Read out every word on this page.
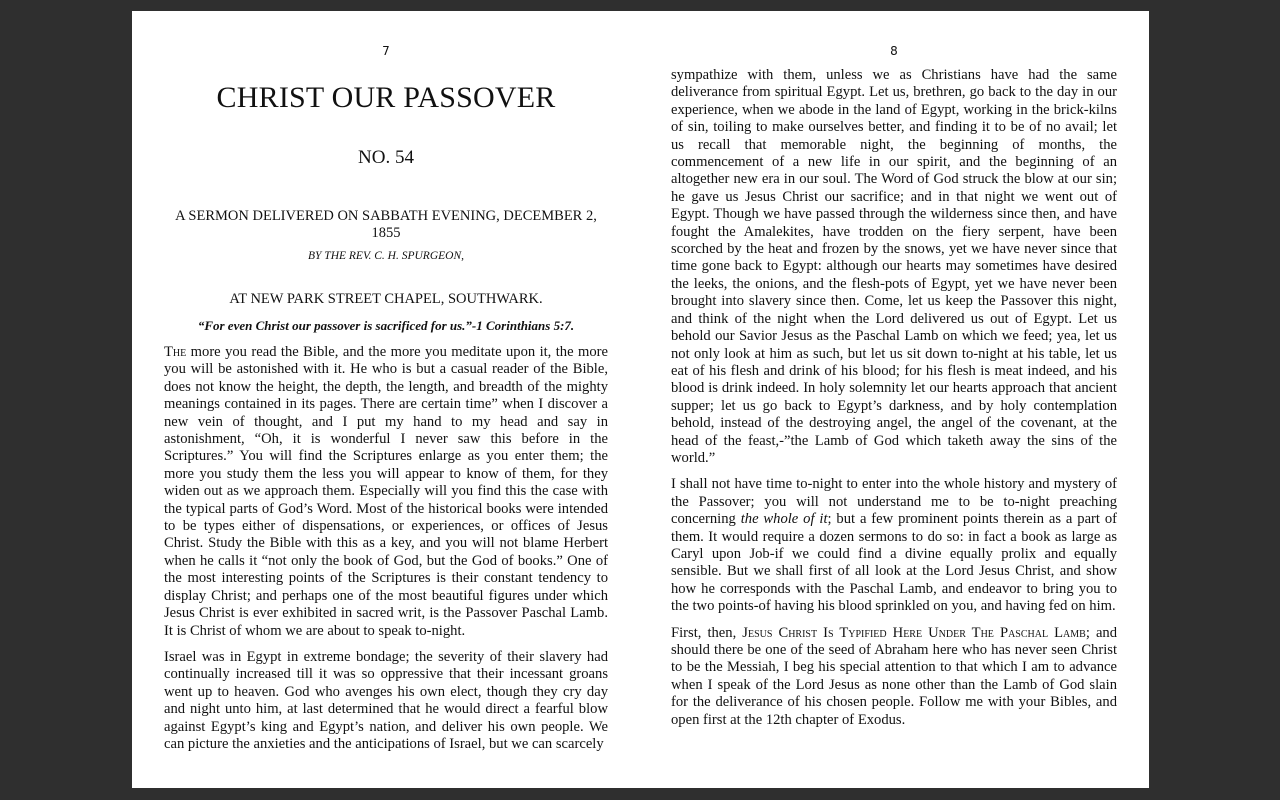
7
CHRIST OUR PASSOVER
NO. 54
A SERMON DELIVERED ON SABBATH EVENING, DECEMBER 2, 1855
BY THE REV. C. H. SPURGEON,
AT NEW PARK STREET CHAPEL, SOUTHWARK.
“For even Christ our passover is sacrificed for us.”-1 Corinthians 5:7.

The more you read the Bible, and the more you meditate upon it, the more you will be astonished with it. He who is but a casual reader of the Bible, does not know the height, the depth, the length, and breadth of the mighty meanings contained in its pages. There are certain time” when I discover a new vein of thought, and I put my hand to my head and say in astonishment, “Oh, it is wonderful I never saw this before in the Scriptures.” You will find the Scriptures enlarge as you enter them; the more you study them the less you will appear to know of them, for they widen out as we approach them. Especially will you find this the case with the typical parts of God’s Word. Most of the historical books were intended to be types either of dispensations, or experiences, or offices of Jesus Christ. Study the Bible with this as a key, and you will not blame Herbert when he calls it “not only the book of God, but the God of books.” One of the most interesting points of the Scriptures is their constant tendency to display Christ; and perhaps one of the most beautiful figures under which Jesus Christ is ever exhibited in sacred writ, is the Passover Paschal Lamb. It is Christ of whom we are about to speak to-night.

Israel was in Egypt in extreme bondage; the severity of their slavery had continually increased till it was so oppressive that their incessant groans went up to heaven. God who avenges his own elect, though they cry day and night unto him, at last determined that he would direct a fearful blow against Egypt’s king and Egypt’s nation, and deliver his own people. We can picture the anxieties and the anticipations of Israel, but we can scarcely

8

sympathize with them, unless we as Christians have had the same deliverance from spiritual Egypt. Let us, brethren, go back to the day in our experience, when we abode in the land of Egypt, working in the brick-kilns of sin, toiling to make ourselves better, and finding it to be of no avail; let us recall that memorable night, the beginning of months, the commencement of a new life in our spirit, and the beginning of an altogether new era in our soul. The Word of God struck the blow at our sin; he gave us Jesus Christ our sacrifice; and in that night we went out of Egypt. Though we have passed through the wilderness since then, and have fought the Amalekites, have trodden on the fiery serpent, have been scorched by the heat and frozen by the snows, yet we have never since that time gone back to Egypt: although our hearts may sometimes have desired the leeks, the onions, and the flesh-pots of Egypt, yet we have never been brought into slavery since then. Come, let us keep the Passover this night, and think of the night when the Lord delivered us out of Egypt. Let us behold our Savior Jesus as the Paschal Lamb on which we feed; yea, let us not only look at him as such, but let us sit down to-night at his table, let us eat of his flesh and drink of his blood; for his flesh is meat indeed, and his blood is drink indeed. In holy solemnity let our hearts approach that ancient supper; let us go back to Egypt’s darkness, and by holy contemplation behold, instead of the destroying angel, the angel of the covenant, at the head of the feast,-”the Lamb of God which taketh away the sins of the world.”

I shall not have time to-night to enter into the whole history and mystery of the Passover; you will not understand me to be to-night preaching concerning the whole of it; but a few prominent points therein as a part of them. It would require a dozen sermons to do so: in fact a book as large as Caryl upon Job-if we could find a divine equally prolix and equally sensible. But we shall first of all look at the Lord Jesus Christ, and show how he corresponds with the Paschal Lamb, and endeavor to bring you to the two points-of having his blood sprinkled on you, and having fed on him.

First, then, Jesus Christ Is Typified Here Under The Paschal Lamb; and should there be one of the seed of Abraham here who has never seen Christ to be the Messiah, I beg his special attention to that which I am to advance when I speak of the Lord Jesus as none other than the Lamb of God slain for the deliverance of his chosen people. Follow me with your Bibles, and open first at the 12th chapter of Exodus.
